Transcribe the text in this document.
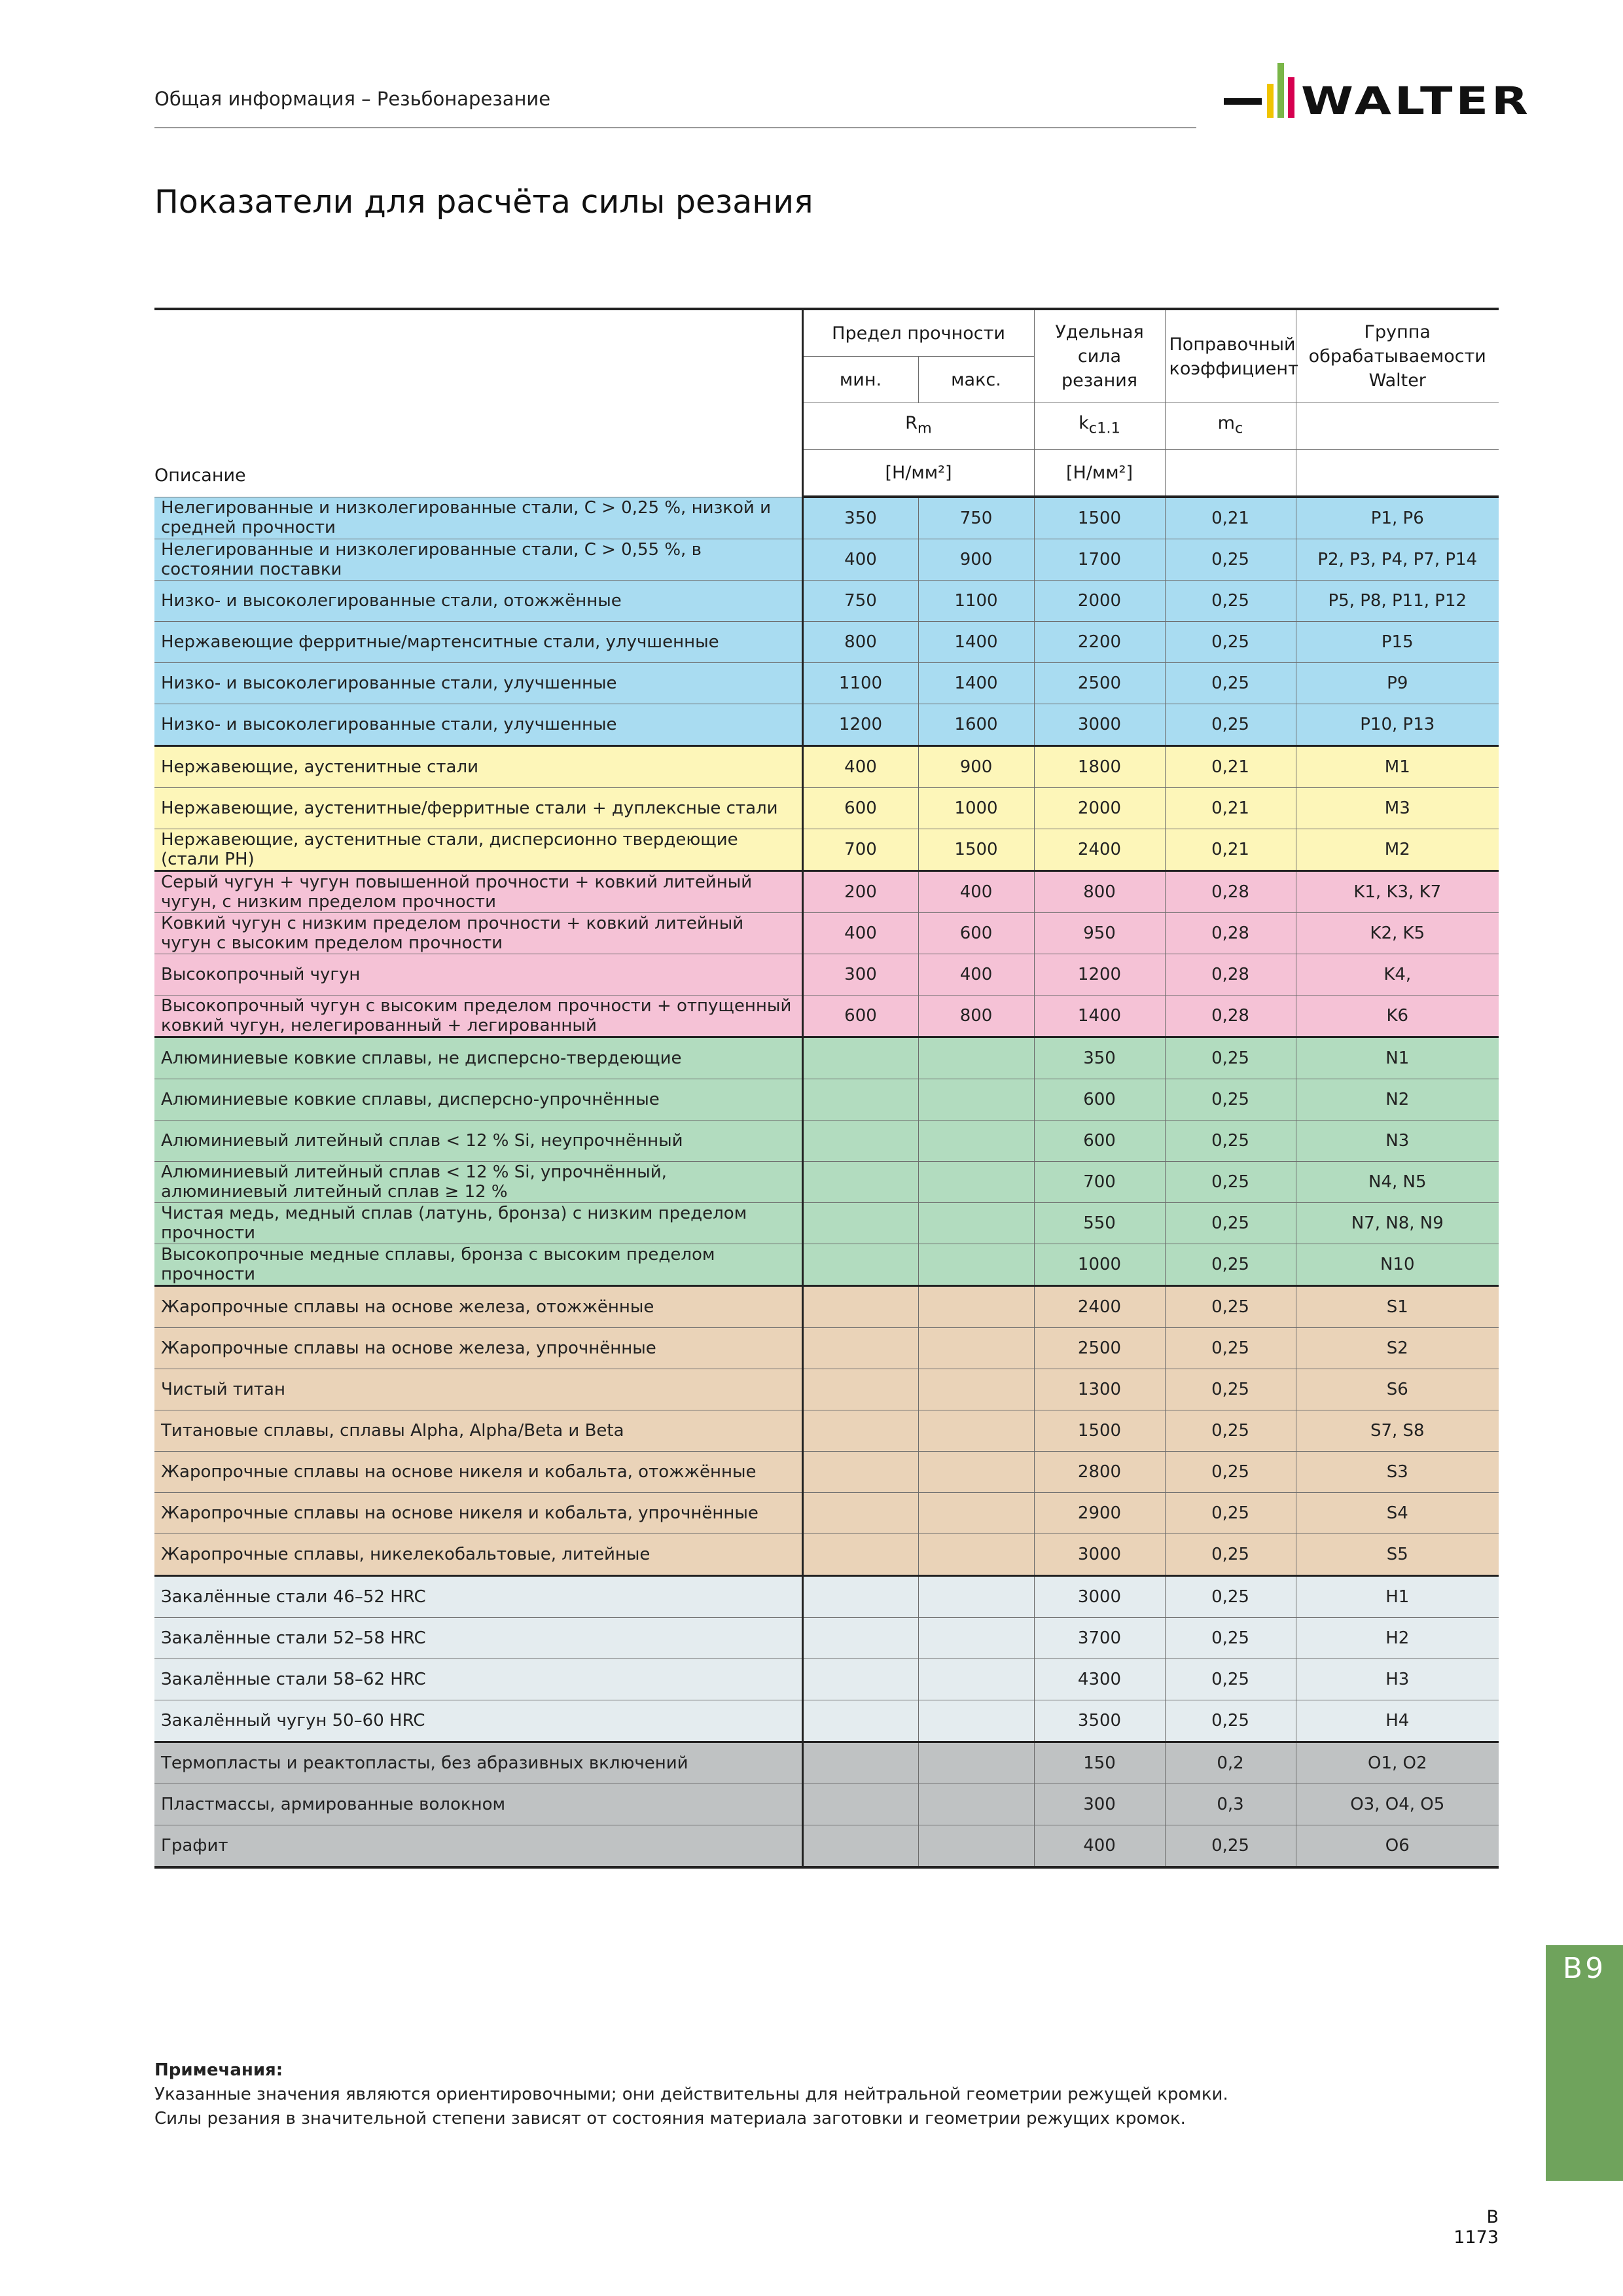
Общая информация – Резьбонарезание	WALTER
Показатели для расчёта силы резания
Описание	Предел прочности		Удельная сила резания	Поправочный коэффициент	Группа обрабатываемости Walter
	мин.	макс.			
	$R_m$		$k_{c1.1}$	$m_c$	
	[Н/мм²]		[Н/мм²]		
Нелегированные и низколегированные стали, C > 0,25 %, низкой и средней прочности	350	750	1500	0,21	P1, P6
Нелегированные и низколегированные стали, C > 0,55 %, в состоянии поставки	400	900	1700	0,25	P2, P3, P4, P7, P14
Низко- и высоколегированные стали, отожжённые	750	1100	2000	0,25	P5, P8, P11, P12
Нержавеющие ферритные/мартенситные стали, улучшенные	800	1400	2200	0,25	P15
Низко- и высоколегированные стали, улучшенные	1100	1400	2500	0,25	P9
Низко- и высоколегированные стали, улучшенные	1200	1600	3000	0,25	P10, P13
Нержавеющие, аустенитные стали	400	900	1800	0,21	M1
Нержавеющие, аустенитные/ферритные стали + дуплексные стали	600	1000	2000	0,21	M3
Нержавеющие, аустенитные стали, дисперсионно твердеющие (стали PH)	700	1500	2400	0,21	M2
Серый чугун + чугун повышенной прочности + ковкий литейный чугун, с низким пределом прочности	200	400	800	0,28	K1, K3, K7
Ковкий чугун с низким пределом прочности + ковкий литейный чугун с высоким пределом прочности	400	600	950	0,28	K2, K5
Высокопрочный чугун	300	400	1200	0,28	K4,
Высокопрочный чугун с высоким пределом прочности + отпущенный ковкий чугун, нелегированный + легированный	600	800	1400	0,28	K6
Алюминиевые ковкие сплавы, не дисперсно-твердеющие			350	0,25	N1
Алюминиевые ковкие сплавы, дисперсно-упрочнённые			600	0,25	N2
Алюминиевый литейный сплав < 12 % Si, неупрочнённый			600	0,25	N3
Алюминиевый литейный сплав < 12 % Si, упрочнённый, алюминиевый литейный сплав ≥ 12 %			700	0,25	N4, N5
Чистая медь, медный сплав (латунь, бронза) с низким пределом прочности			550	0,25	N7, N8, N9
Высокопрочные медные сплавы, бронза с высоким пределом прочности			1000	0,25	N10
Жаропрочные сплавы на основе железа, отожжённые			2400	0,25	S1
Жаропрочные сплавы на основе железа, упрочнённые			2500	0,25	S2
Чистый титан			1300	0,25	S6
Титановые сплавы, сплавы Alpha, Alpha/Beta и Beta			1500	0,25	S7, S8
Жаропрочные сплавы на основе никеля и кобальта, отожжённые			2800	0,25	S3
Жаропрочные сплавы на основе никеля и кобальта, упрочнённые			2900	0,25	S4
Жаропрочные сплавы, никелекобальтовые, литейные			3000	0,25	S5
Закалённые стали 46–52 HRC			3000	0,25	H1
Закалённые стали 52–58 HRC			3700	0,25	H2
Закалённые стали 58–62 HRC			4300	0,25	H3
Закалённый чугун 50–60 HRC			3500	0,25	H4
Термопласты и реактопласты, без абразивных включений			150	0,2	O1, O2
Пластмассы, армированные волокном			300	0,3	O3, O4, O5
Графит			400	0,25	O6
Примечания:
Указанные значения являются ориентировочными; они действительны для нейтральной геометрии режущей кромки.
Силы резания в значительной степени зависят от состояния материала заготовки и геометрии режущих кромок.
B9
B 1173
